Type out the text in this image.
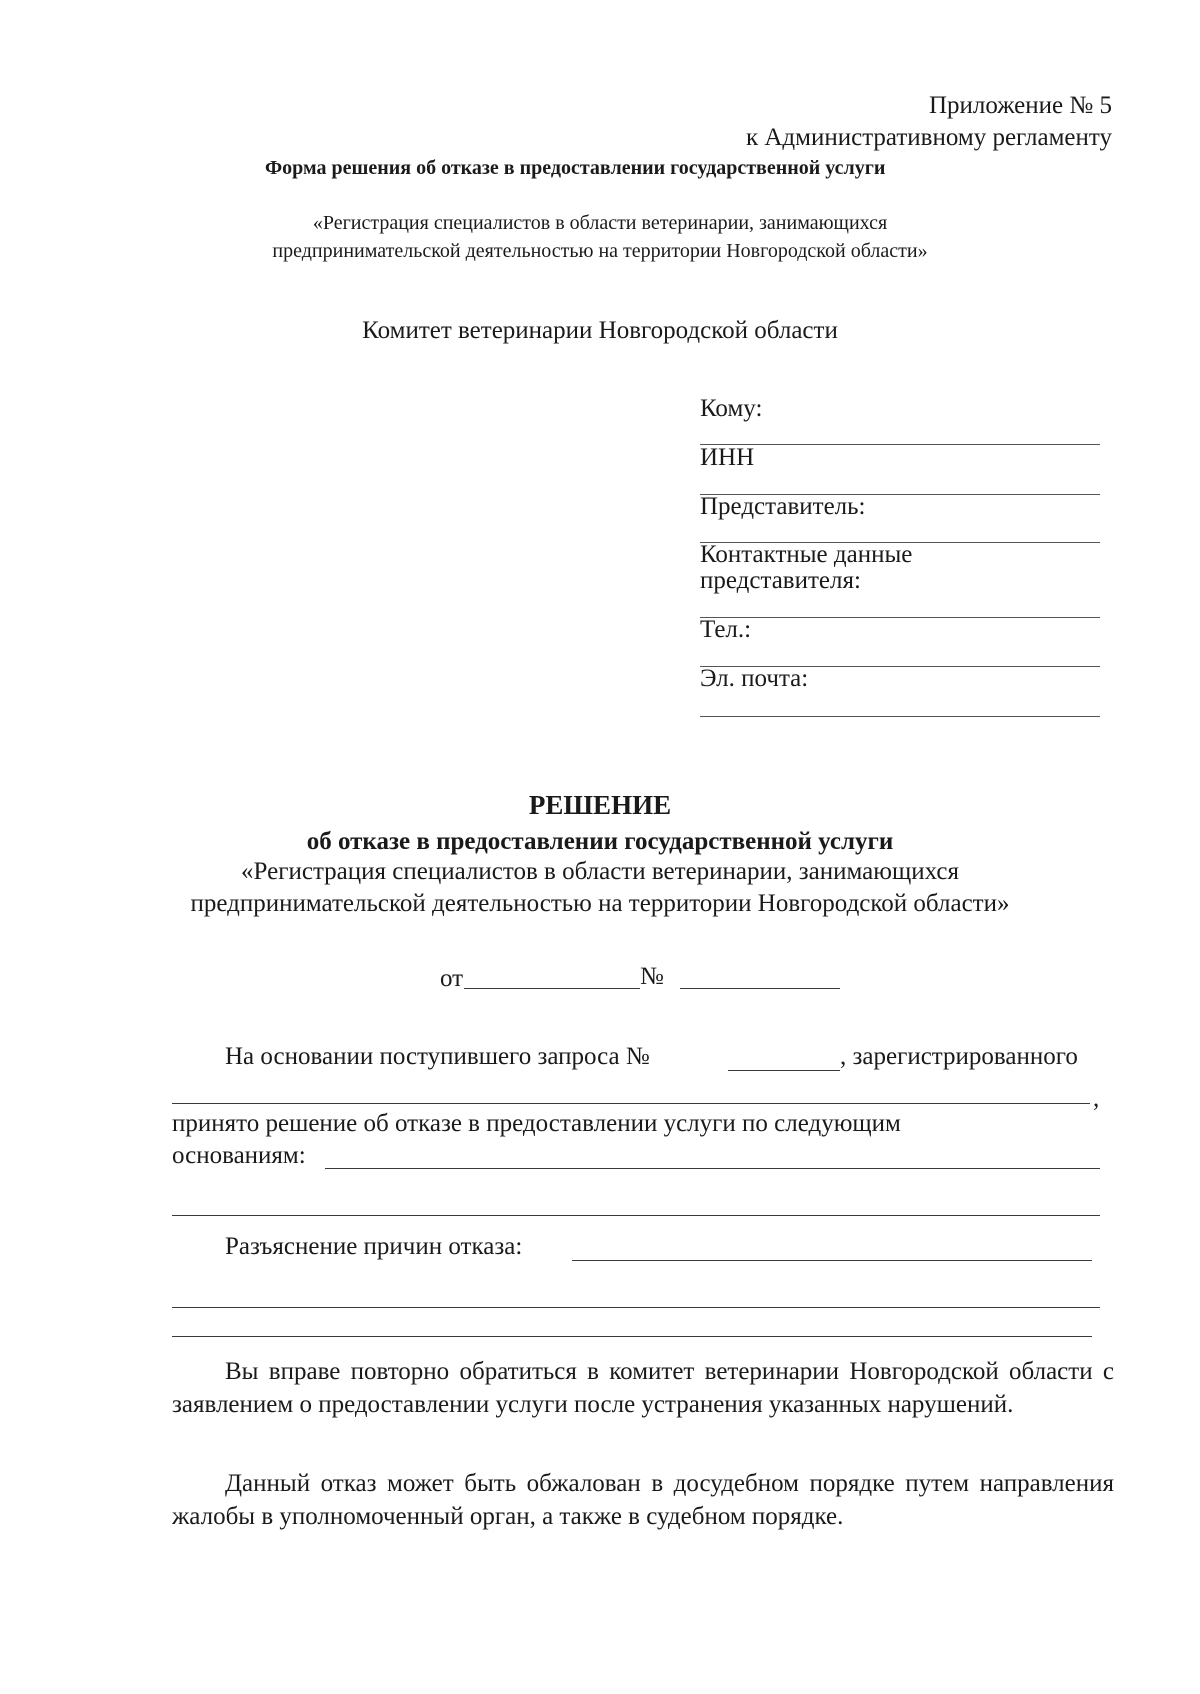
Приложение № 5
к Административному регламенту
Форма решения об отказе в предоставлении государственной услуги
«Регистрация специалистов в области ветеринарии, занимающихся
предпринимательской деятельностью на территории Новгородской области»
Комитет ветеринарии Новгородской области
Кому:
ИНН
Представитель:
Контактные данные
представителя:
Тел.:
Эл. почта:
РЕШЕНИЕ
об отказе в предоставлении государственной услуги
«Регистрация специалистов в области ветеринарии, занимающихся
предпринимательской деятельностью на территории Новгородской области»
от	№
На основании поступившего запроса №	, зарегистрированного
,
принято решение об отказе в предоставлении услуги по следующим
основаниям:
Разъяснение причин отказа:
Вы вправе повторно обратиться в комитет ветеринарии Новгородской области с заявлением о предоставлении услуги после устранения указанных нарушений.
Данный отказ может быть обжалован в досудебном порядке путем направления жалобы в уполномоченный орган, а также в судебном порядке.
